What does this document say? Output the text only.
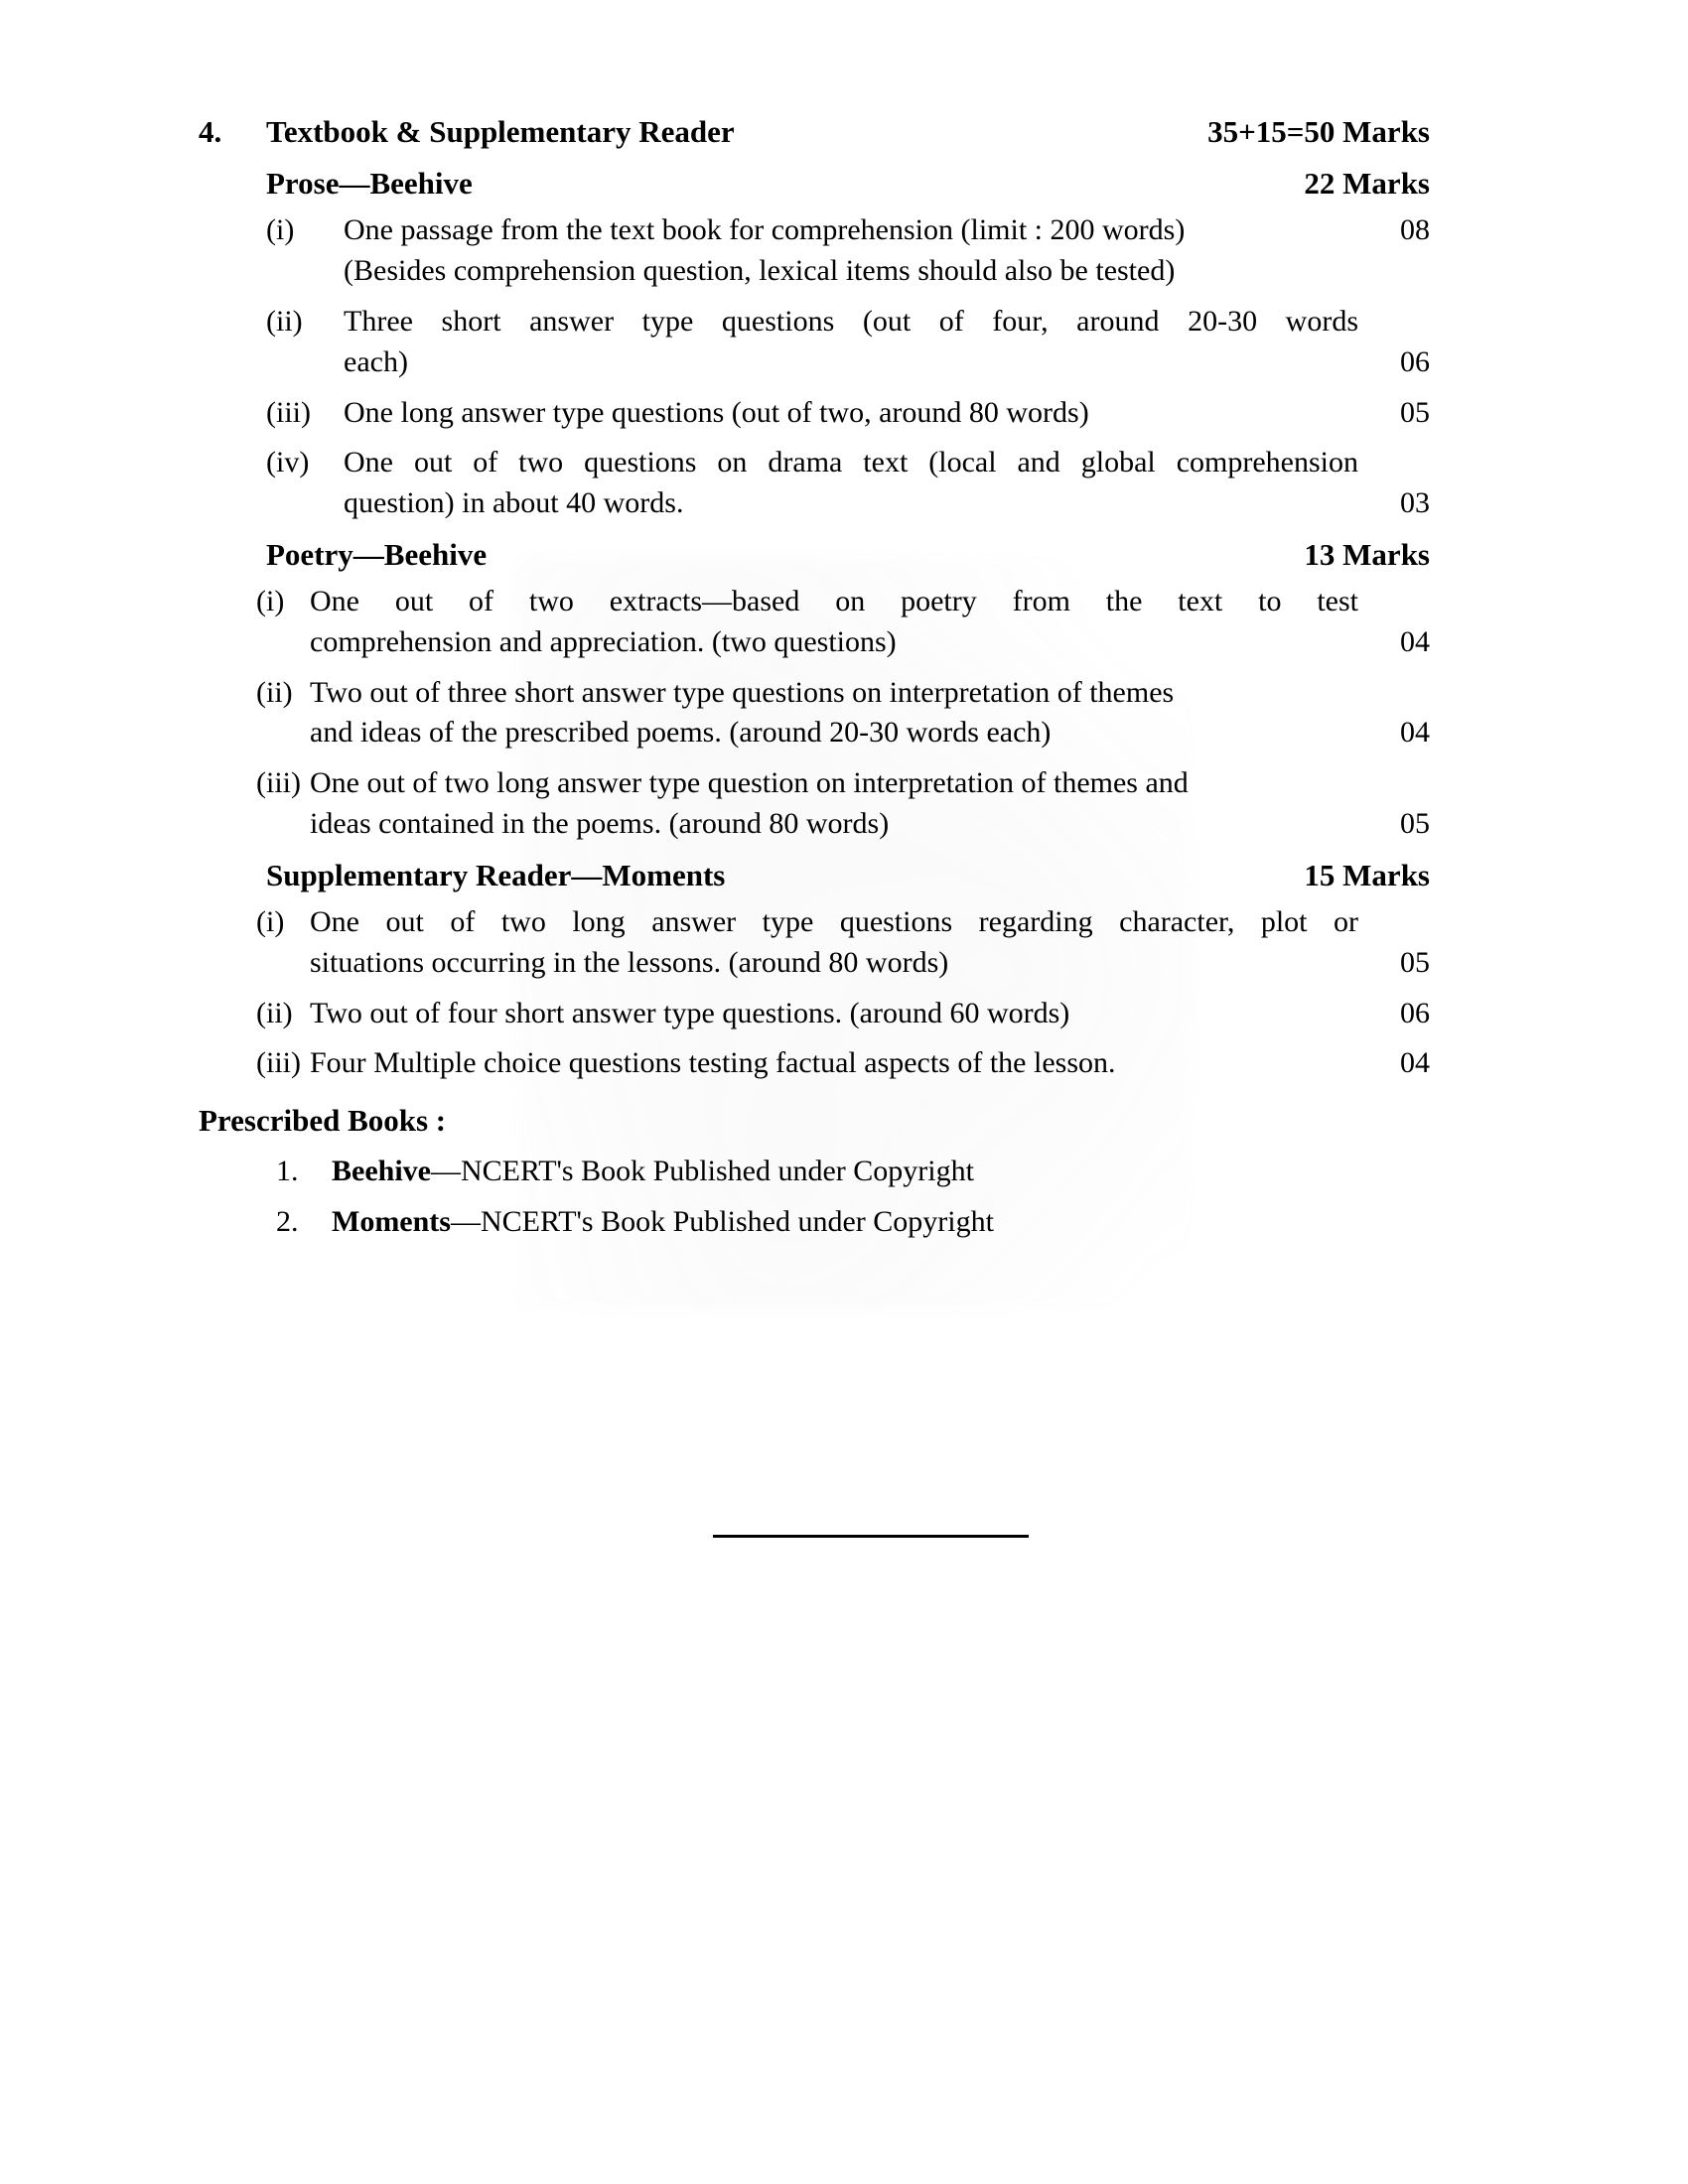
4.	Textbook & Supplementary Reader	35+15=50 Marks
Prose—Beehive	22 Marks
(i)	One passage from the text book for comprehension (limit : 200 words)	08
(Besides comprehension question, lexical items should also be tested)
(ii)	Three short answer type questions (out of four, around 20-30 words
each)	06
(iii)	One long answer type questions (out of two, around 80 words)	05
(iv)	One out of two questions on drama text (local and global comprehension
question) in about 40 words.	03
Poetry—Beehive	13 Marks
(i) One out of two extracts—based on poetry from the text to test
comprehension and appreciation. (two questions)	04
(ii) Two out of three short answer type questions on interpretation of themes
and ideas of the prescribed poems. (around 20-30 words each)	04
(iii) One out of two long answer type question on interpretation of themes and
ideas contained in the poems. (around 80 words)	05
Supplementary Reader—Moments	15 Marks
(i) One out of two long answer type questions regarding character, plot or
situations occurring in the lessons. (around 80 words)	05
(ii) Two out of four short answer type questions. (around 60 words)	06
(iii) Four Multiple choice questions testing factual aspects of the lesson.	04
Prescribed Books :
1.	Beehive—NCERT's Book Published under Copyright
2.	Moments—NCERT's Book Published under Copyright
